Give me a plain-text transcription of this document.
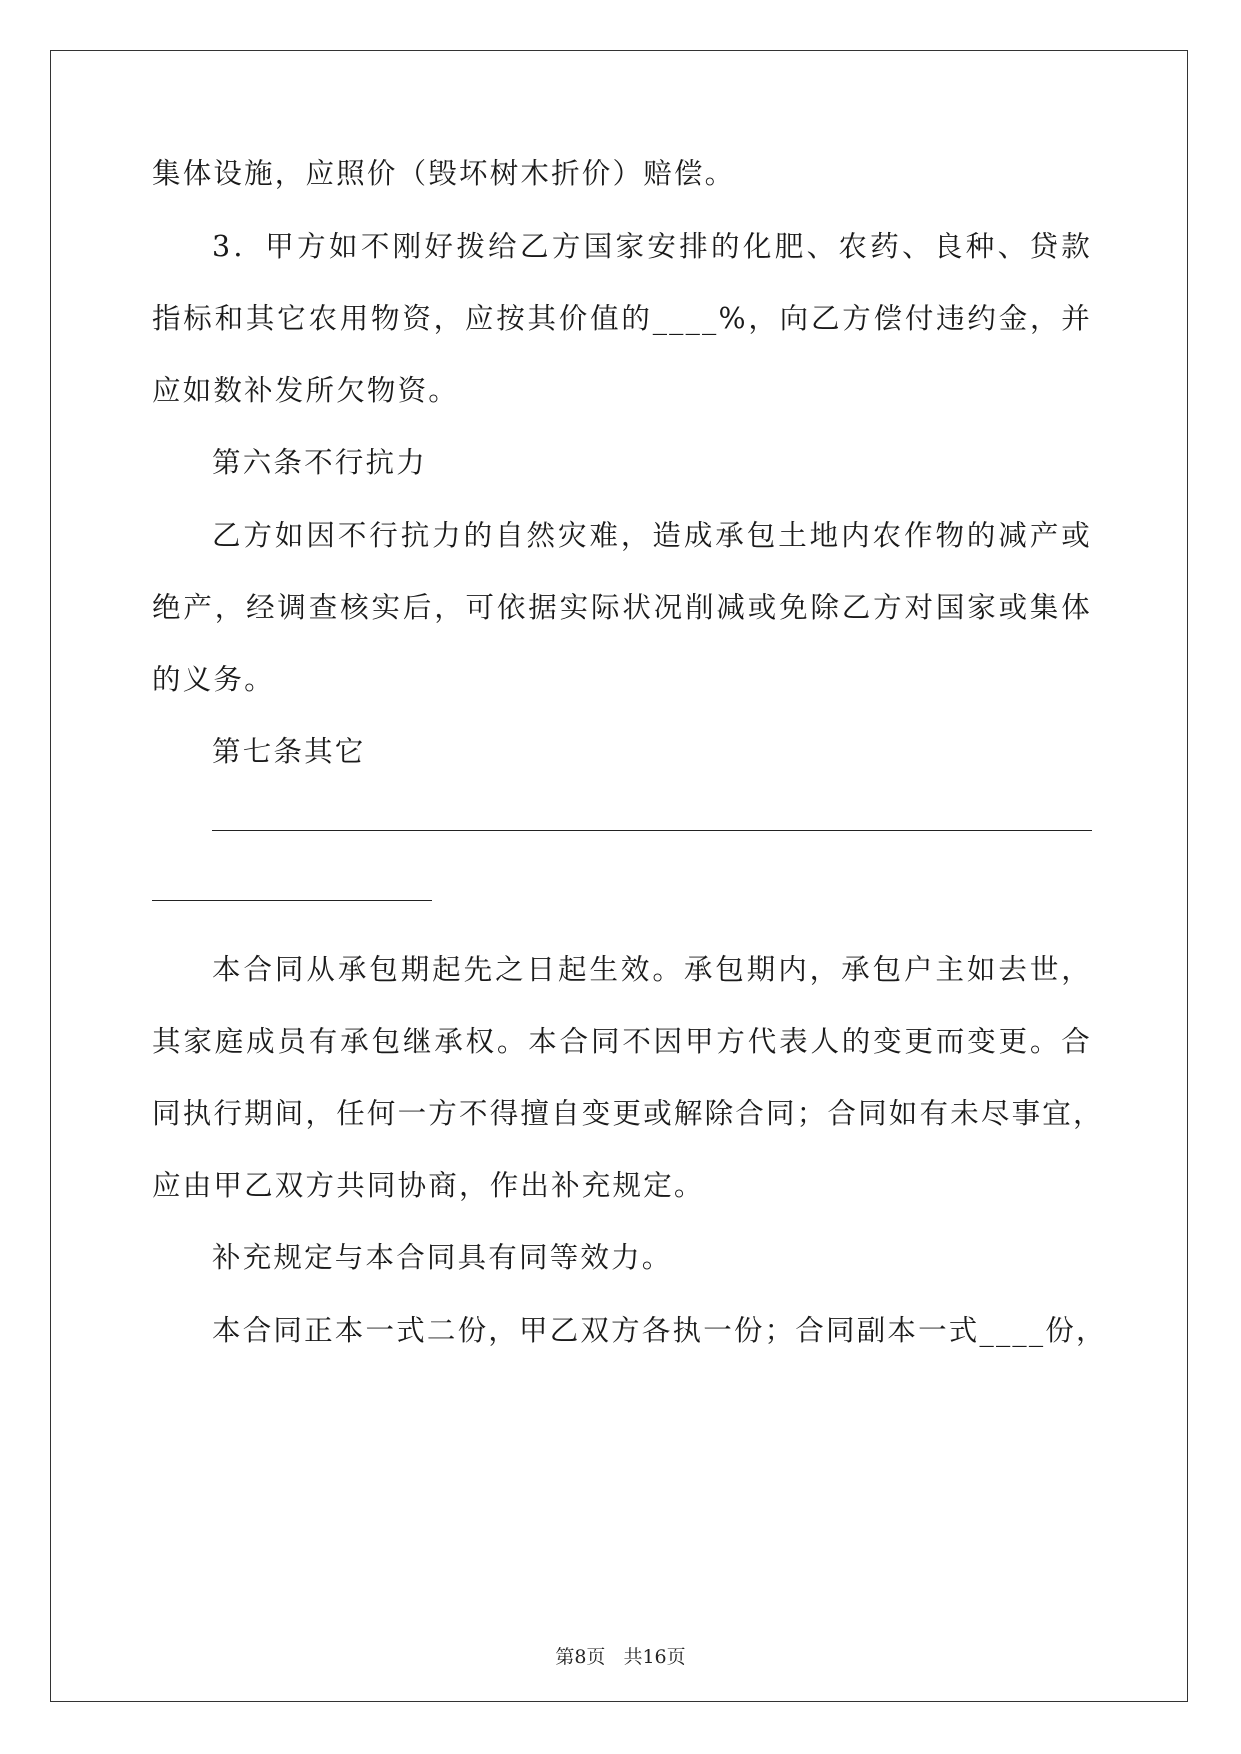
集体设施，应照价（毁坏树木折价）赔偿。
3．甲方如不刚好拨给乙方国家安排的化肥、农药、良种、贷款
指标和其它农用物资，应按其价值的____%，向乙方偿付违约金，并
应如数补发所欠物资。
第六条不行抗力
乙方如因不行抗力的自然灾难，造成承包土地内农作物的减产或
绝产，经调查核实后，可依据实际状况削减或免除乙方对国家或集体
的义务。
第七条其它
本合同从承包期起先之日起生效。承包期内，承包户主如去世，
其家庭成员有承包继承权。本合同不因甲方代表人的变更而变更。合
同执行期间，任何一方不得擅自变更或解除合同；合同如有未尽事宜，
应由甲乙双方共同协商，作出补充规定。
补充规定与本合同具有同等效力。
本合同正本一式二份，甲乙双方各执一份；合同副本一式____份，
第8页 共16页
